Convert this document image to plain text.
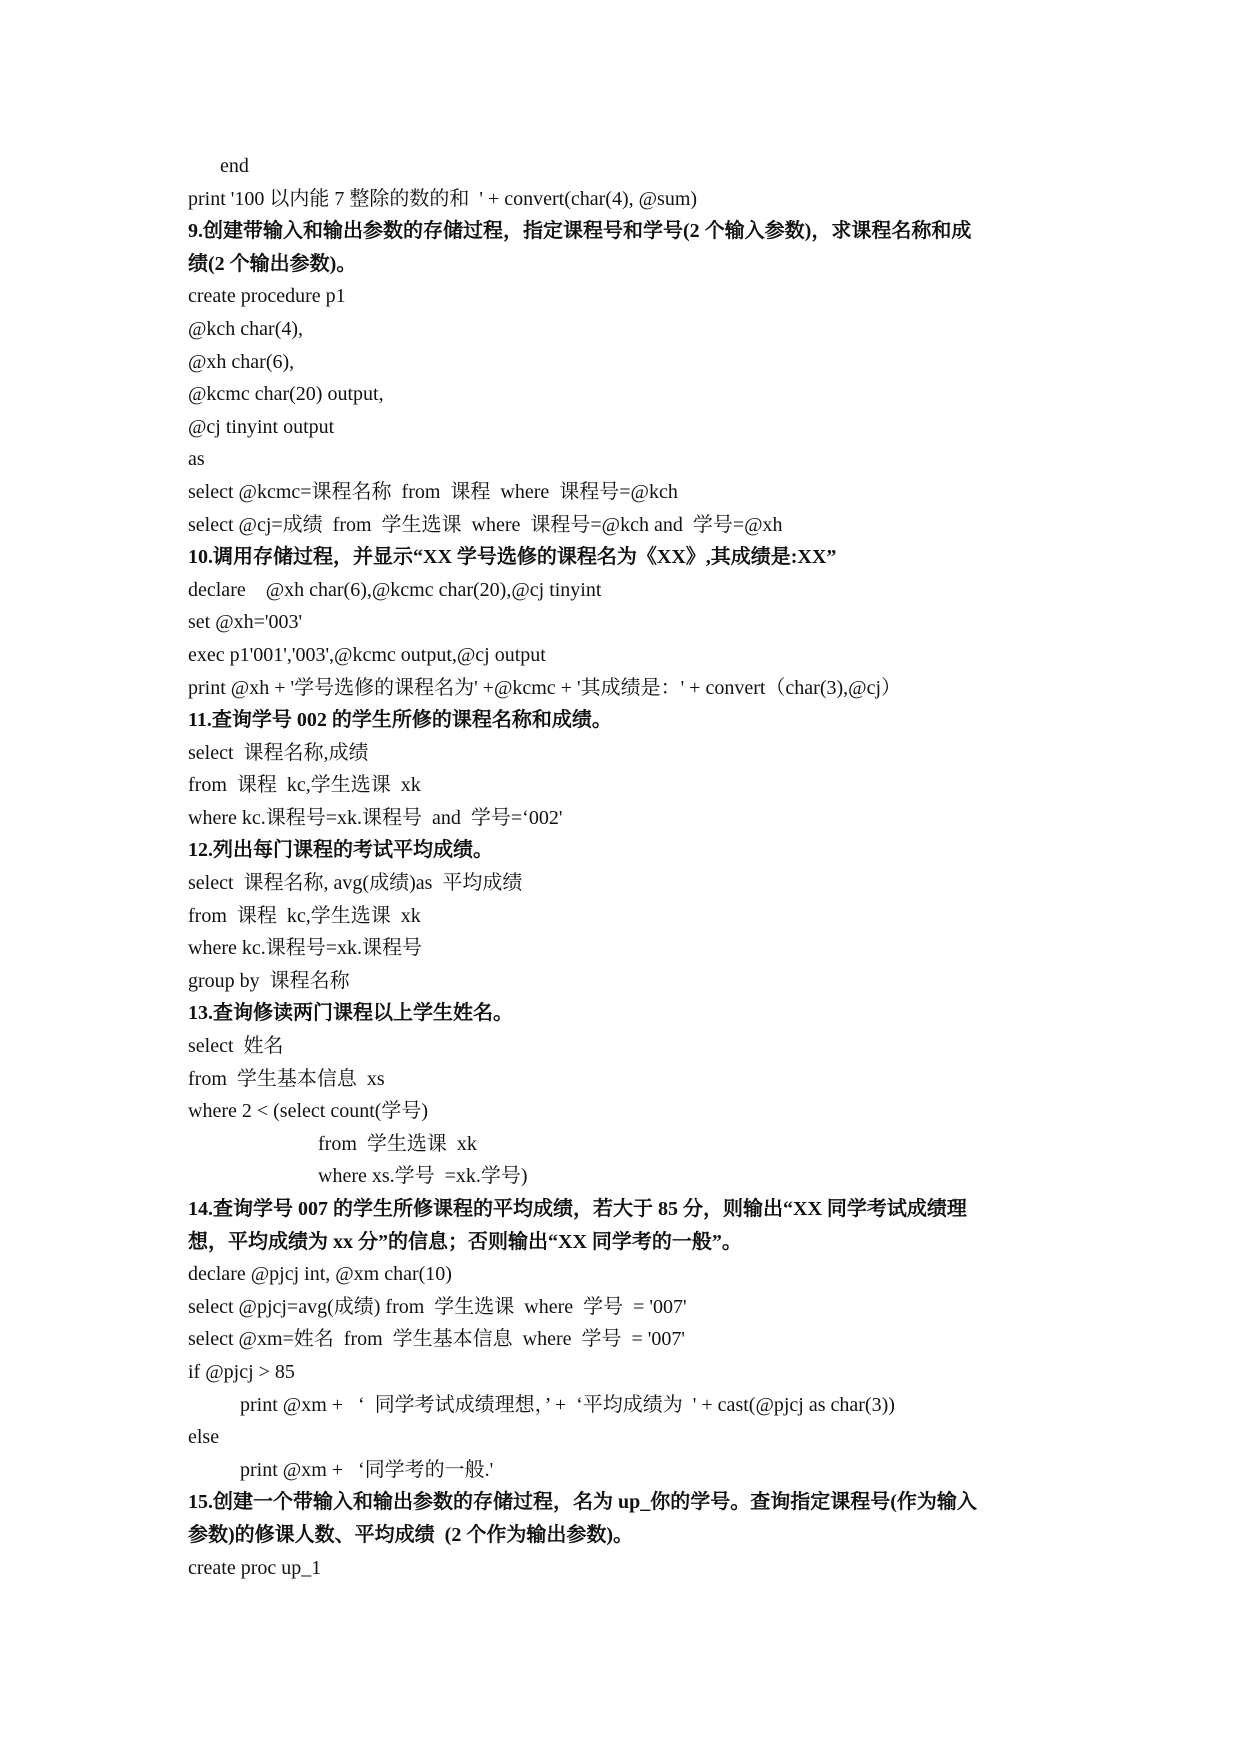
end
print '100 以内能 7 整除的数的和  ' + convert(char(4), @sum)
9.创建带输入和输出参数的存储过程，指定课程号和学号(2 个输入参数)，求课程名称和成
绩(2 个输出参数)。
create procedure p1
@kch char(4),
@xh char(6),
@kcmc char(20) output,
@cj tinyint output
as
select @kcmc=课程名称  from  课程  where  课程号=@kch
select @cj=成绩  from  学生选课  where  课程号=@kch and  学号=@xh
10.调用存储过程，并显示“XX 学号选修的课程名为《XX》,其成绩是:XX”
declare    @xh char(6),@kcmc char(20),@cj tinyint
set @xh='003'
exec p1'001','003',@kcmc output,@cj output
print @xh + '学号选修的课程名为' +@kcmc + '其成绩是：' + convert（char(3),@cj）
11.查询学号 002 的学生所修的课程名称和成绩。
select  课程名称,成绩
from  课程  kc,学生选课  xk
where kc.课程号=xk.课程号  and  学号=‘002'
12.列出每门课程的考试平均成绩。
select  课程名称, avg(成绩)as  平均成绩
from  课程  kc,学生选课  xk
where kc.课程号=xk.课程号
group by  课程名称
13.查询修读两门课程以上学生姓名。
select  姓名
from  学生基本信息  xs
where 2 < (select count(学号)
from  学生选课  xk
where xs.学号  =xk.学号)
14.查询学号 007 的学生所修课程的平均成绩，若大于 85 分，则输出“XX 同学考试成绩理
想，平均成绩为 xx 分”的信息；否则输出“XX 同学考的一般”。
declare @pjcj int, @xm char(10)
select @pjcj=avg(成绩) from  学生选课  where  学号  = '007'
select @xm=姓名  from  学生基本信息  where  学号  = '007'
if @pjcj > 85
print @xm +   ‘  同学考试成绩理想，’ +  ‘平均成绩为  ' + cast(@pjcj as char(3))
else
print @xm +   ‘同学考的一般.'
15.创建一个带输入和输出参数的存储过程，名为 up_你的学号。查询指定课程号(作为输入
参数)的修课人数、平均成绩  (2 个作为输出参数)。
create proc up_1
